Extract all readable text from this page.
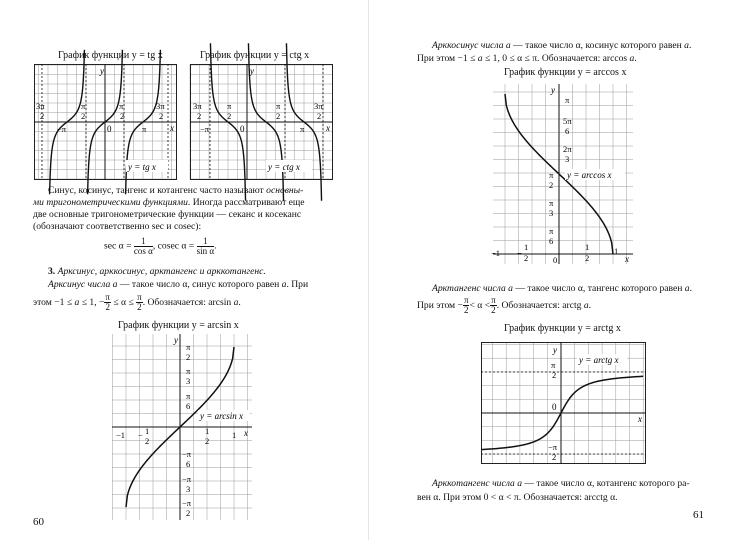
График функции y = tg x	График функции y = ctg x
y
x
0
3π
2
π
2
π
2
3π
2
−π	π
y = tg x
y
x
0
3π
2
π
2
π
2
3π
2
−π	π
y = ctg x
Синус, косинус, тангенс и котангенс часто называют основны-
ми тригонометрическими функциями. Иногда рассматривают еще
две основные тригонометрические функции — секанс и косеканс
(обозначают соответственно sec и cosec):
$\sec \alpha = \frac{1}{\text{cos α}}$ , cosec $\alpha = \frac{1}{\text{sin α}}$ .
3. Арксинус, арккосинус, арктангенс и арккотангенс.
Арксинус числа a — такое число α, синус которого равен a. При
этом −1 ≤ a ≤ 1, − $\frac{\pi}{2} \le \alpha \le \frac{\pi}{2}$ . Обозначается: arcsin a.
График функции y = arcsin x
y
x
π
2
π
3
π
6
−π
6
−π
3
−π
2
−1 − 1
2
1
2
1
y = arcsin x
60
Арккосинус числа a — такое число α, косинус которого равен a.
При этом −1 ≤ a ≤ 1, 0 ≤ α ≤ π. Обозначается: arccos a.
График функции y = arccos x
y
x
π
5π
6
2π
3
π
2
π
3
π
6
0
−1 −
1
2
1
2
1
y = arccos x
Арктангенс числа a — такое число α, тангенс которого равен a.
При этом − $\frac{\pi}{2} < \alpha < \frac{\pi}{2}$ . Обозначается: arctg a.
График функции y = arctg x
y
x
0
π
2
−π
2
y = arctg x
Арккотангенс числа a — такое число α, котангенс которого ра-
вен α. При этом 0 < α < π. Обозначается: arcctg α.
61
